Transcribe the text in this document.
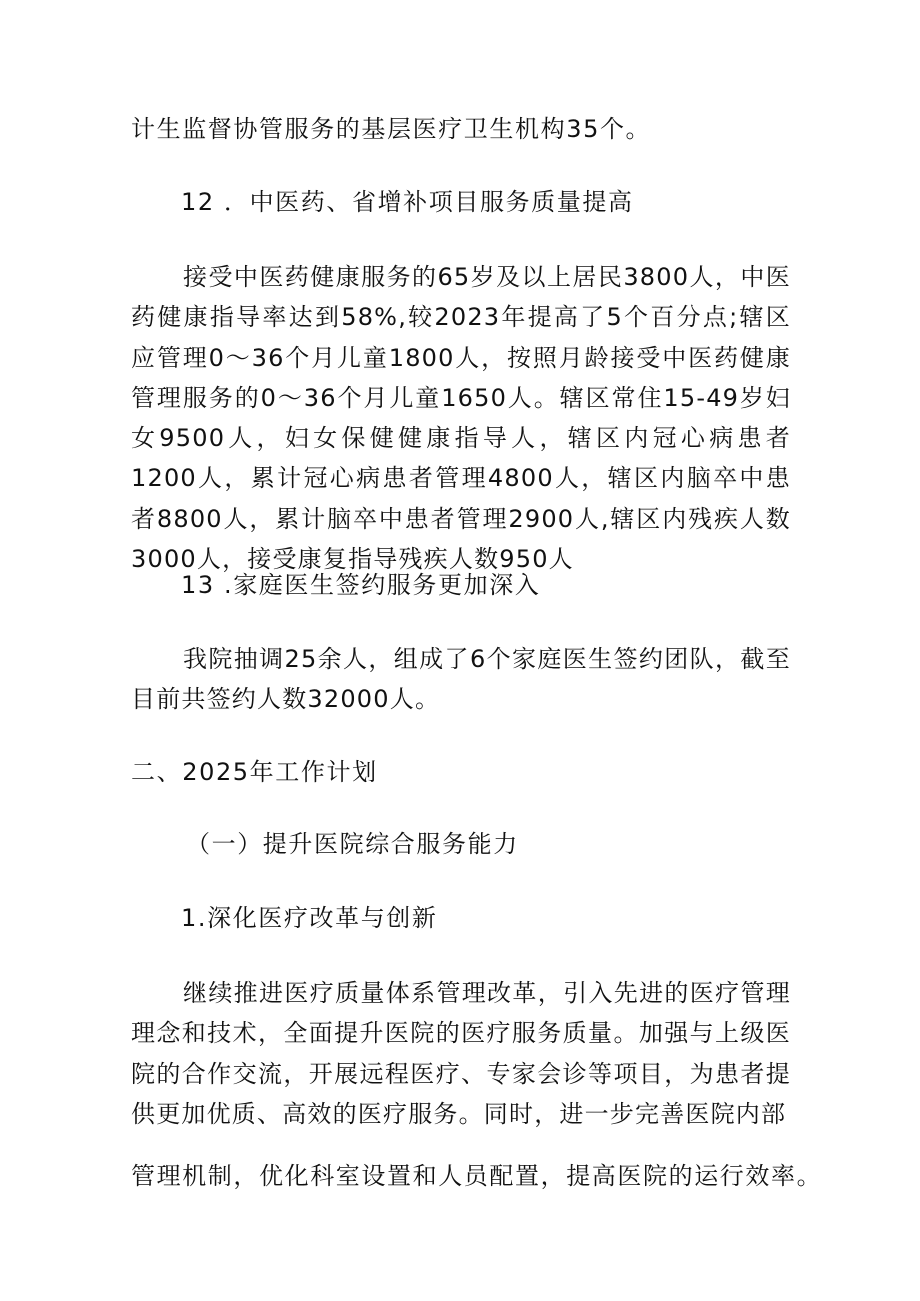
计生监督协管服务的基层医疗卫生机构35个。
12 ．中医药、省增补项目服务质量提高

接受中医药健康服务的65岁及以上居民3800人，中医药健康指导率达到58%,较2023年提高了5个百分点;辖区应管理0〜36个月儿童1800人，按照月龄接受中医药健康管理服务的0〜36个月儿童1650人。辖区常住15-49岁妇女9500人，妇女保健健康指导人，辖区内冠心病患者1200人，累计冠心病患者管理4800人，辖区内脑卒中患者8800人，累计脑卒中患者管理2900人,辖区内残疾人数3000人，接受康复指导残疾人数950人

13 .家庭医生签约服务更加深入

我院抽调25余人，组成了6个家庭医生签约团队，截至目前共签约人数32000人。

二、2025年工作计划
（一）提升医院综合服务能力
1.深化医疗改革与创新

继续推进医疗质量体系管理改革，引入先进的医疗管理理念和技术，全面提升医院的医疗服务质量。加强与上级医院的合作交流，开展远程医疗、专家会诊等项目，为患者提供更加优质、高效的医疗服务。同时，进一步完善医院内部

管理机制，优化科室设置和人员配置，提高医院的运行效率。
